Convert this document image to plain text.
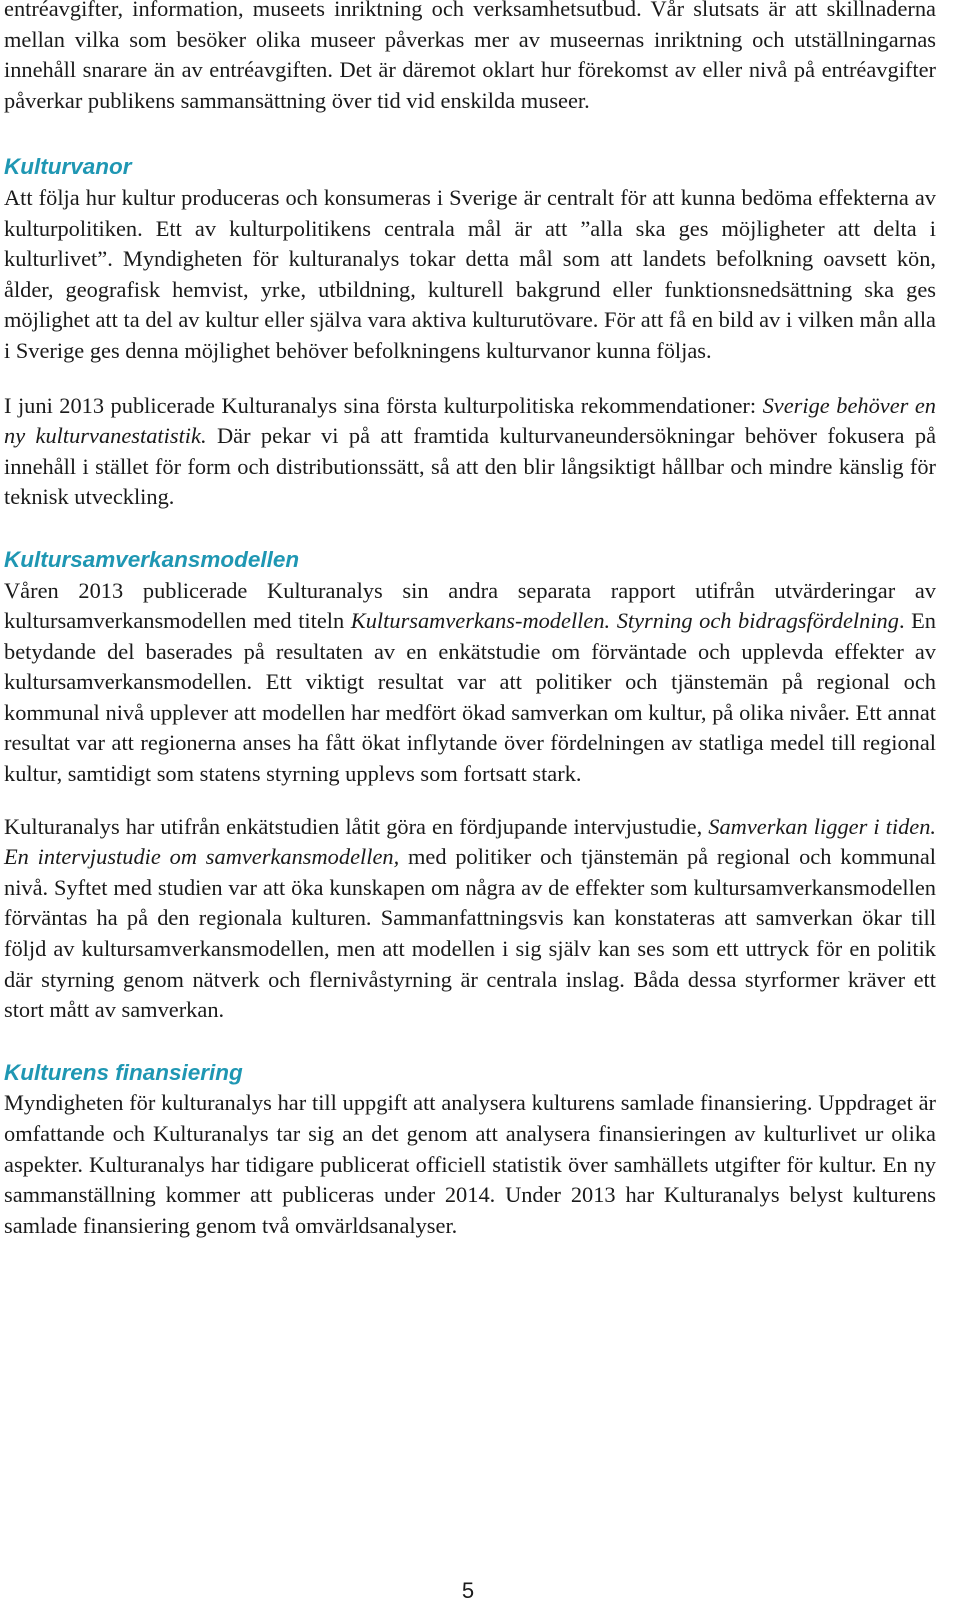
entréavgifter, information, museets inriktning och verksamhetsutbud. Vår slutsats är att skillnaderna mellan vilka som besöker olika museer påverkas mer av museernas inriktning och utställningarnas innehåll snarare än av entréavgiften. Det är däremot oklart hur förekomst av eller nivå på entréavgifter påverkar publikens sammansättning över tid vid enskilda museer.

Kulturvanor

Att följa hur kultur produceras och konsumeras i Sverige är centralt för att kunna bedöma effekterna av kulturpolitiken. Ett av kulturpolitikens centrala mål är att ”alla ska ges möjligheter att delta i kulturlivet”. Myndigheten för kulturanalys tokar detta mål som att landets befolkning oavsett kön, ålder, geografisk hemvist, yrke, utbildning, kulturell bakgrund eller funktionsnedsättning ska ges möjlighet att ta del av kultur eller själva vara aktiva kulturutövare. För att få en bild av i vilken mån alla i Sverige ges denna möjlighet behöver befolkningens kulturvanor kunna följas.

I juni 2013 publicerade Kulturanalys sina första kulturpolitiska rekommendationer: Sverige behöver en ny kulturvanestatistik. Där pekar vi på att framtida kulturvaneundersökningar behöver fokusera på innehåll i stället för form och distributionssätt, så att den blir långsiktigt hållbar och mindre känslig för teknisk utveckling.

Kultursamverkansmodellen

Våren 2013 publicerade Kulturanalys sin andra separata rapport utifrån utvärderingar av kultursamverkansmodellen med titeln Kultursamverkans-modellen. Styrning och bidragsfördelning. En betydande del baserades på resultaten av en enkätstudie om förväntade och upplevda effekter av kultursamverkansmodellen. Ett viktigt resultat var att politiker och tjänstemän på regional och kommunal nivå upplever att modellen har medfört ökad samverkan om kultur, på olika nivåer. Ett annat resultat var att regionerna anses ha fått ökat inflytande över fördelningen av statliga medel till regional kultur, samtidigt som statens styrning upplevs som fortsatt stark.

Kulturanalys har utifrån enkätstudien låtit göra en fördjupande intervjustudie, Samverkan ligger i tiden. En intervjustudie om samverkansmodellen, med politiker och tjänstemän på regional och kommunal nivå. Syftet med studien var att öka kunskapen om några av de effekter som kultursamverkansmodellen förväntas ha på den regionala kulturen. Sammanfattningsvis kan konstateras att samverkan ökar till följd av kultursamverkansmodellen, men att modellen i sig själv kan ses som ett uttryck för en politik där styrning genom nätverk och flernivåstyrning är centrala inslag. Båda dessa styrformer kräver ett stort mått av samverkan.

Kulturens finansiering

Myndigheten för kulturanalys har till uppgift att analysera kulturens samlade finansiering. Uppdraget är omfattande och Kulturanalys tar sig an det genom att analysera finansieringen av kulturlivet ur olika aspekter. Kulturanalys har tidigare publicerat officiell statistik över samhällets utgifter för kultur. En ny sammanställning kommer att publiceras under 2014. Under 2013 har Kulturanalys belyst kulturens samlade finansiering genom två omvärldsanalyser.

5
